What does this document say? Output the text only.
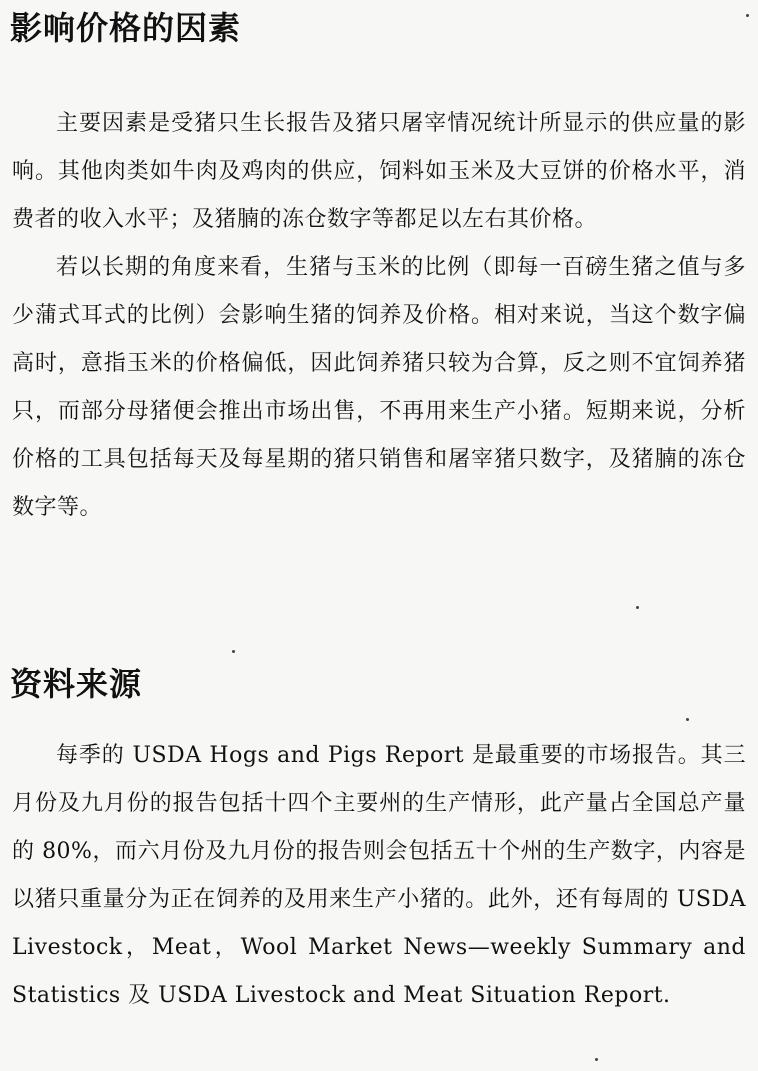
影响价格的因素

主要因素是受猪只生长报告及猪只屠宰情况统计所显示的供应量的影响。其他肉类如牛肉及鸡肉的供应，饲料如玉米及大豆饼的价格水平，消费者的收入水平；及猪腩的冻仓数字等都足以左右其价格。

若以长期的角度来看，生猪与玉米的比例（即每一百磅生猪之值与多少蒲式耳式的比例）会影响生猪的饲养及价格。相对来说，当这个数字偏高时，意指玉米的价格偏低，因此饲养猪只较为合算，反之则不宜饲养猪只，而部分母猪便会推出市场出售，不再用来生产小猪。短期来说，分析价格的工具包括每天及每星期的猪只销售和屠宰猪只数字，及猪腩的冻仓数字等。

资料来源

每季的 USDA Hogs and Pigs Report 是最重要的市场报告。其三月份及九月份的报告包括十四个主要州的生产情形，此产量占全国总产量的 80%，而六月份及九月份的报告则会包括五十个州的生产数字，内容是以猪只重量分为正在饲养的及用来生产小猪的。此外，还有每周的 USDA Livestock，Meat，Wool Market News—weekly Summary and Statistics 及 USDA Livestock and Meat Situation Report.
